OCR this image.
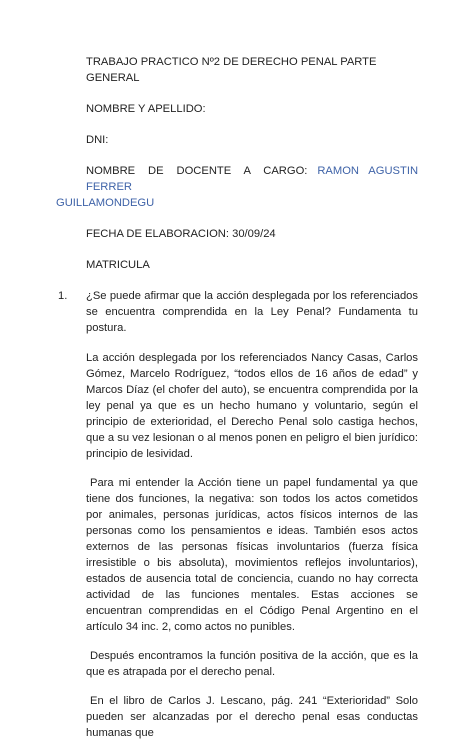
TRABAJO PRACTICO Nº2 DE DERECHO PENAL PARTE GENERAL

NOMBRE Y APELLIDO:

DNI:

NOMBRE DE DOCENTE A CARGO: RAMON AGUSTIN FERRER
GUILLAMONDEGU

FECHA DE ELABORACION: 30/09/24

MATRICULA

1.	¿Se puede afirmar que la acción desplegada por los referenciados se encuentra comprendida en la Ley Penal? Fundamenta tu postura.

La acción desplegada por los referenciados Nancy Casas, Carlos Gómez, Marcelo Rodríguez, “todos ellos de 16 años de edad” y Marcos Díaz (el chofer del auto), se encuentra comprendida por la ley penal ya que es un hecho humano y voluntario, según el principio de exterioridad, el Derecho Penal solo castiga hechos, que a su vez lesionan o al menos ponen en peligro el bien jurídico: principio de lesividad.

Para mi entender la Acción tiene un papel fundamental ya que tiene dos funciones, la negativa: son todos los actos cometidos por animales, personas jurídicas, actos físicos internos de las personas como los pensamientos e ideas. También esos actos externos de las personas físicas involuntarios (fuerza física irresistible o bis absoluta), movimientos reflejos involuntarios), estados de ausencia total de conciencia, cuando no hay correcta actividad de las funciones mentales. Estas acciones se encuentran comprendidas en el Código Penal Argentino en el artículo 34 inc. 2, como actos no punibles.

Después encontramos la función positiva de la acción, que es la que es atrapada por el derecho penal.

En el libro de Carlos J. Lescano, pág. 241 “Exterioridad” Solo pueden ser alcanzadas por el derecho penal esas conductas humanas que
